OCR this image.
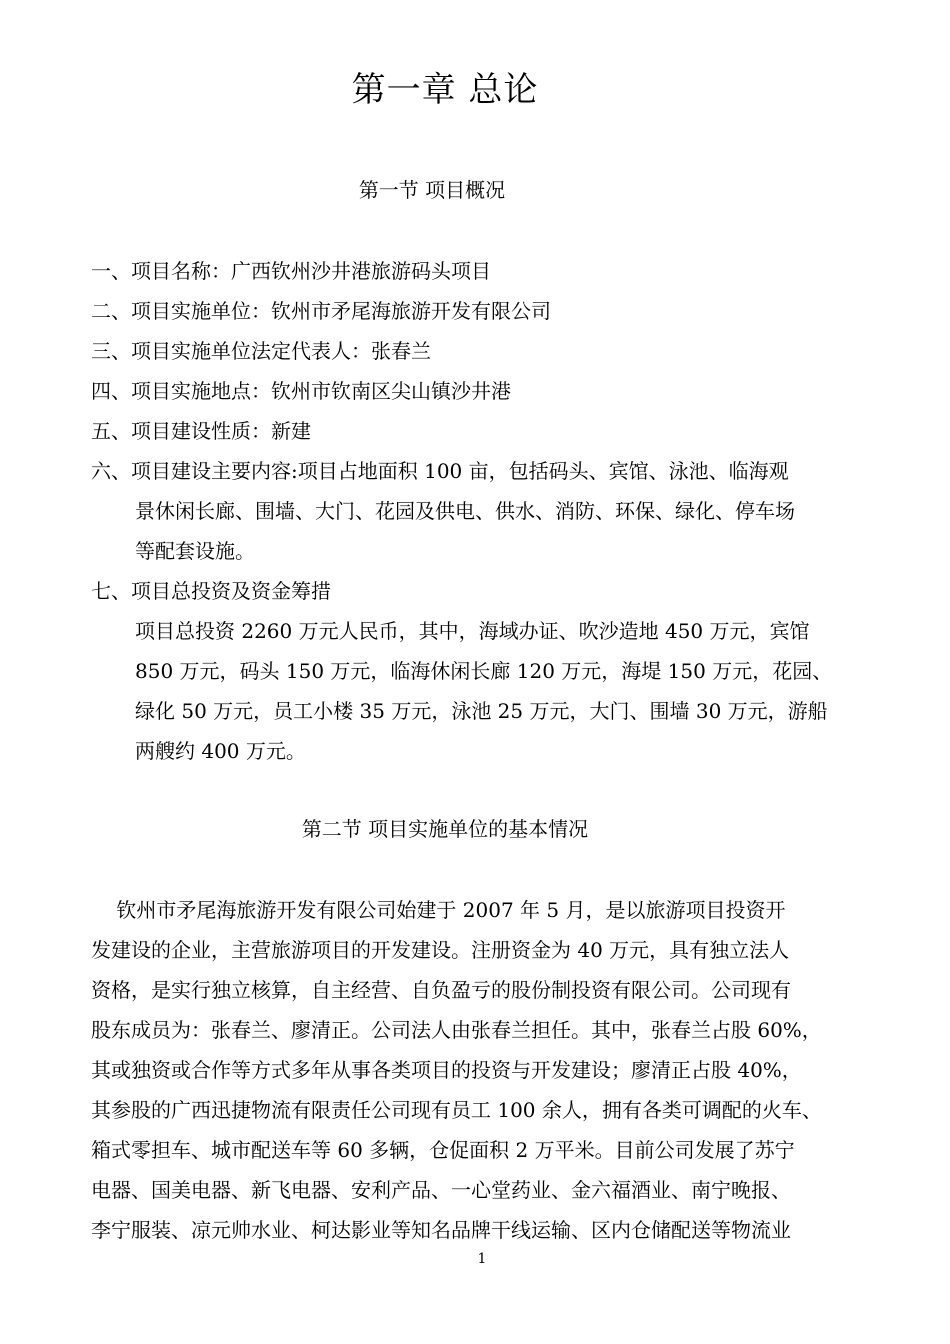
第一章 总论
第一节 项目概况
一、项目名称：广西钦州沙井港旅游码头项目
二、项目实施单位：钦州市矛尾海旅游开发有限公司
三、项目实施单位法定代表人：张春兰
四、项目实施地点：钦州市钦南区尖山镇沙井港
五、项目建设性质：新建
六、项目建设主要内容:项目占地面积 100 亩，包括码头、宾馆、泳池、临海观
景休闲长廊、围墙、大门、花园及供电、供水、消防、环保、绿化、停车场
等配套设施。
七、项目总投资及资金筹措
项目总投资 2260 万元人民币，其中，海域办证、吹沙造地 450 万元，宾馆
850 万元，码头 150 万元，临海休闲长廊 120 万元，海堤 150 万元，花园、
绿化 50 万元，员工小楼 35 万元，泳池 25 万元，大门、围墙 30 万元，游船
两艘约 400 万元。
第二节 项目实施单位的基本情况
钦州市矛尾海旅游开发有限公司始建于 2007 年 5 月，是以旅游项目投资开
发建设的企业，主营旅游项目的开发建设。注册资金为 40 万元，具有独立法人
资格，是实行独立核算，自主经营、自负盈亏的股份制投资有限公司。公司现有
股东成员为：张春兰、廖清正。公司法人由张春兰担任。其中，张春兰占股 60%，
其或独资或合作等方式多年从事各类项目的投资与开发建设；廖清正占股 40%，
其参股的广西迅捷物流有限责任公司现有员工 100 余人，拥有各类可调配的火车、
箱式零担车、城市配送车等 60 多辆，仓促面积 2 万平米。目前公司发展了苏宁
电器、国美电器、新飞电器、安利产品、一心堂药业、金六福酒业、南宁晚报、
李宁服装、凉元帅水业、柯达影业等知名品牌干线运输、区内仓储配送等物流业
1
